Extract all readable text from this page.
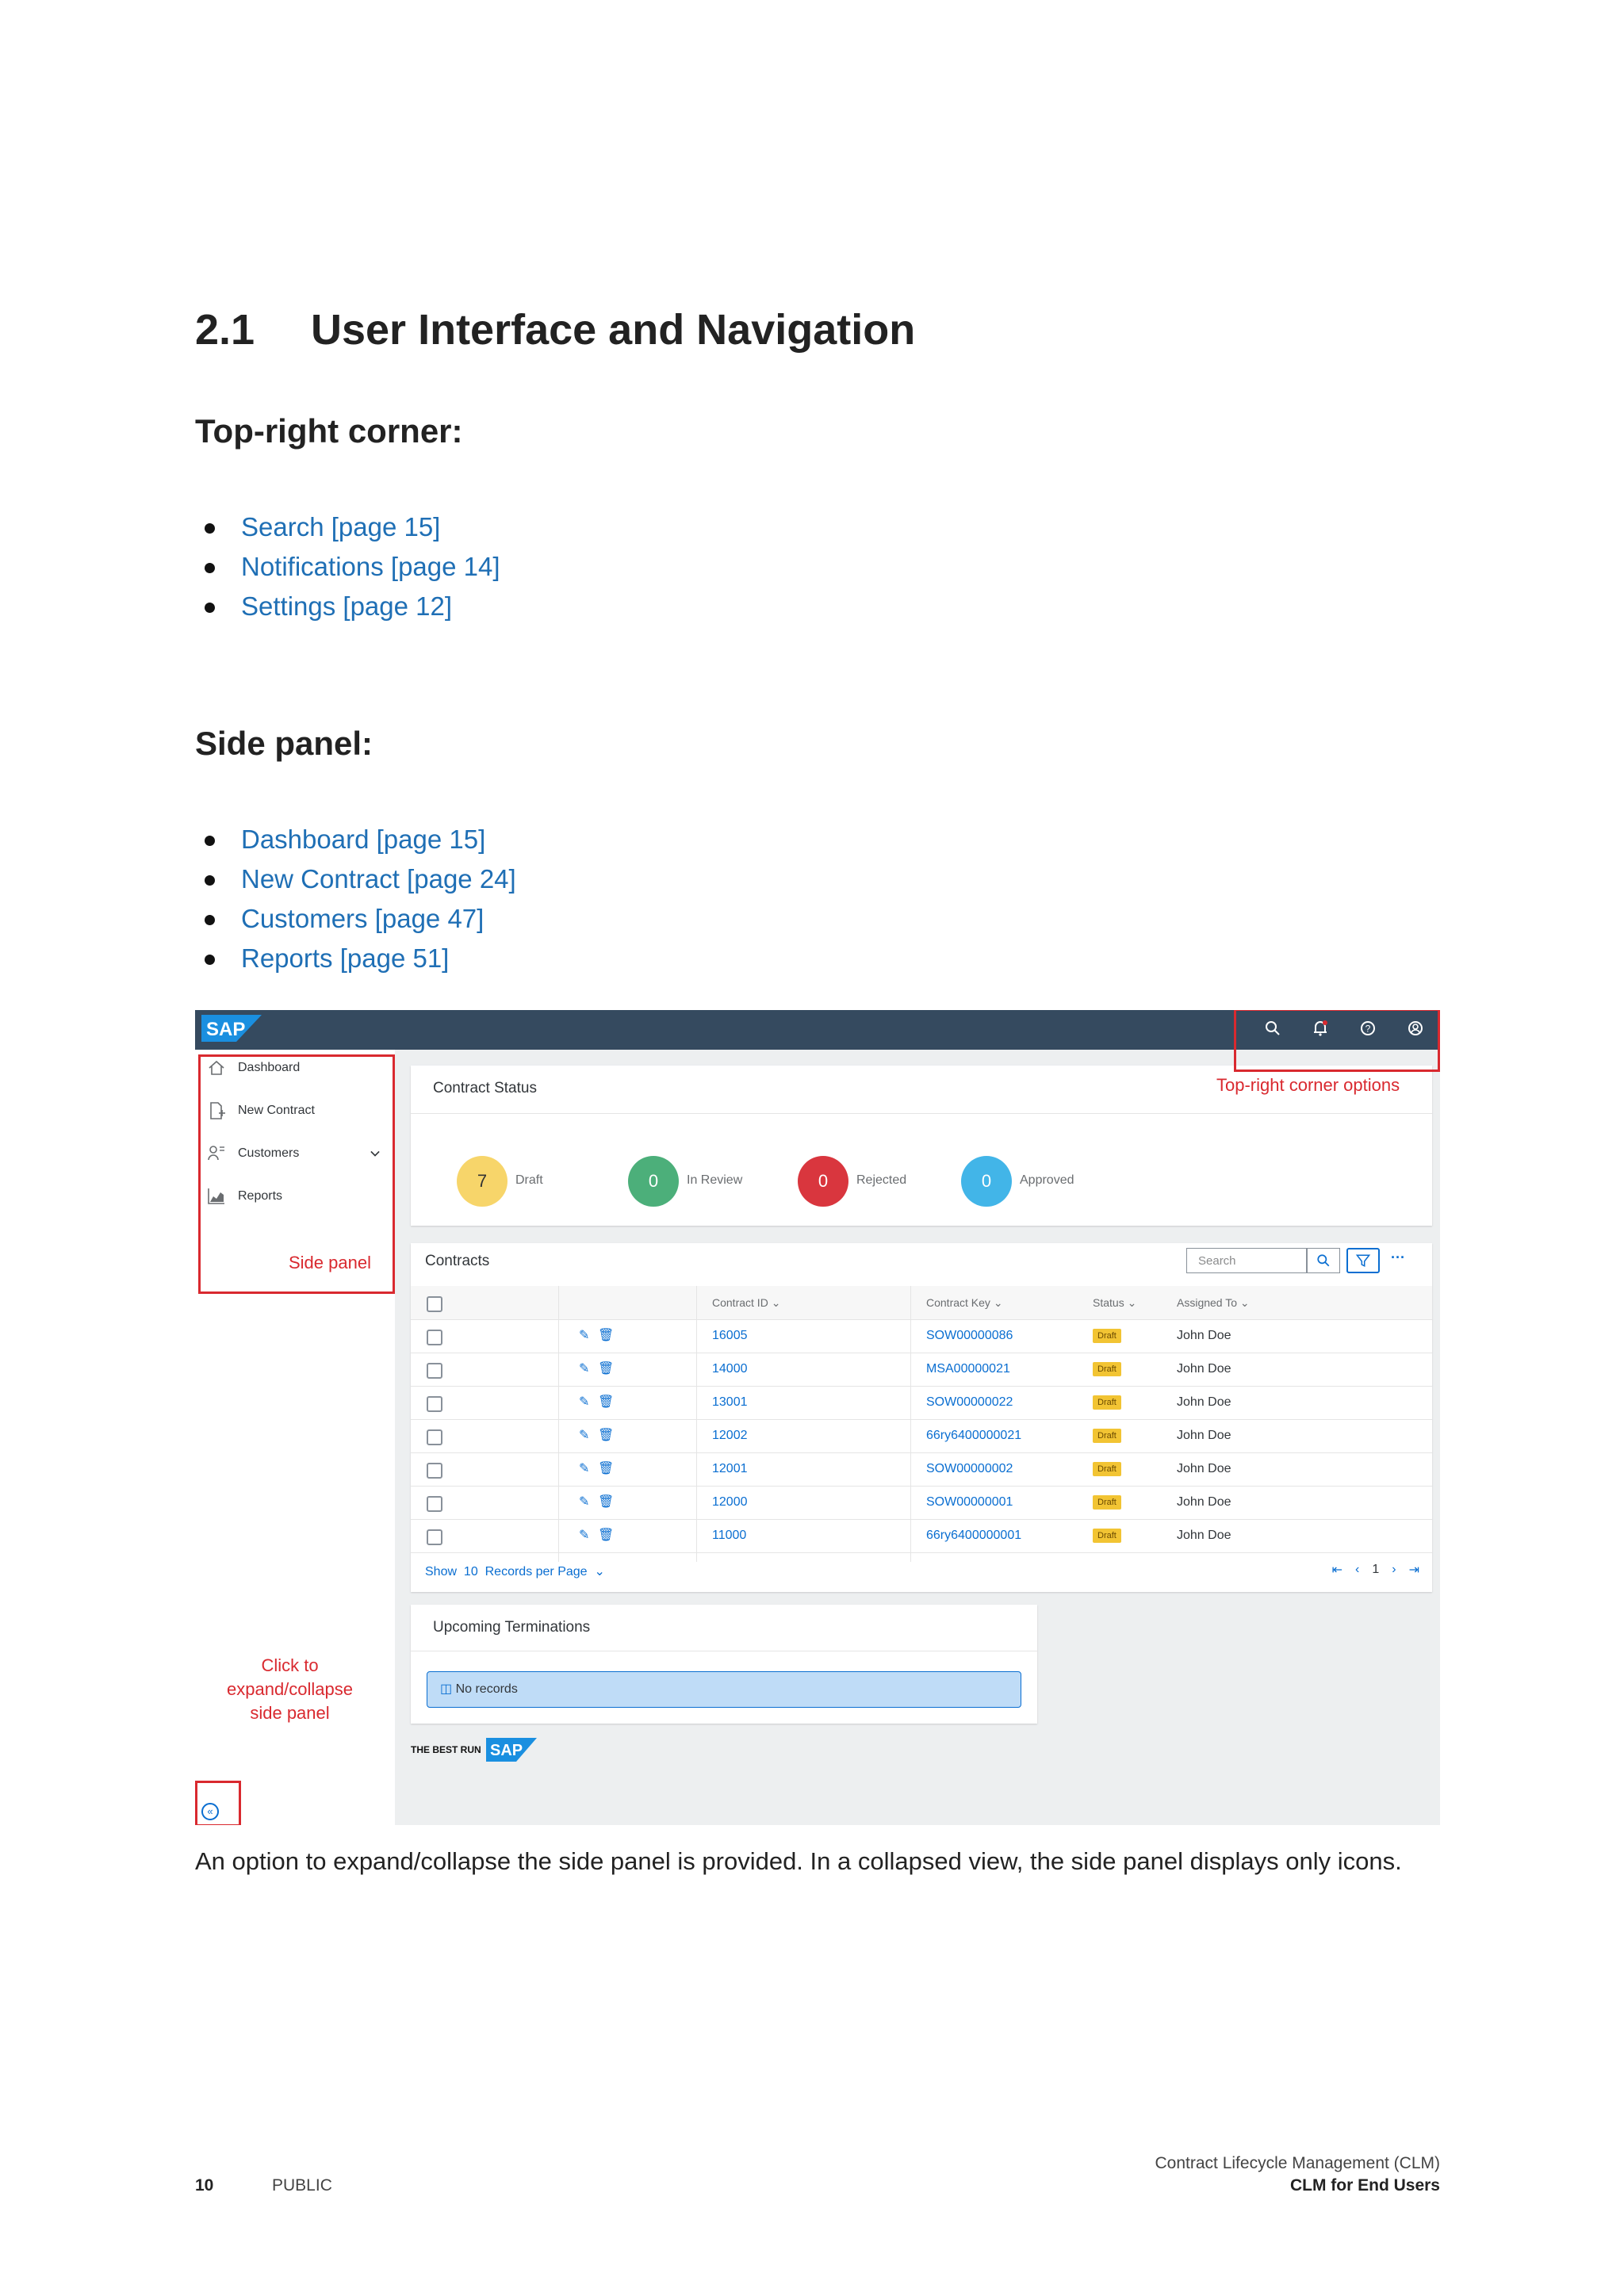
2.1 User Interface and Navigation
Top-right corner:
Search [page 15]
Notifications [page 14]
Settings [page 12]
Side panel:
Dashboard [page 15]
New Contract [page 24]
Customers [page 47]
Reports [page 51]
SAP	?
Dashboard
New Contract
Customers
Reports
«
Contract Status
7	Draft	0	In Review	0	Rejected	0	Approved
Contracts	Search	···
Contract ID ⌄	Contract Key ⌄	Status ⌄	Assigned To ⌄
✎ 🗑	16005	SOW00000086	Draft	John Doe
✎ 🗑	14000	MSA00000021	Draft	John Doe
✎ 🗑	13001	SOW00000022	Draft	John Doe
✎ 🗑	12002	66ry6400000021	Draft	John Doe
✎ 🗑	12001	SOW00000002	Draft	John Doe
✎ 🗑	12000	SOW00000001	Draft	John Doe
✎ 🗑	11000	66ry6400000001	Draft	John Doe
Show 10 Records per Page  ⌄	⇤ ‹ 1 › ⇥
Upcoming Terminations
◫ No records
THE BEST RUN SAP
Top-right corner options
Side panel
Click to
expand/collapse
side panel
An option to expand/collapse the side panel is provided. In a collapsed view, the side panel displays only icons.
10	PUBLIC
Contract Lifecycle Management (CLM)
CLM for End Users
